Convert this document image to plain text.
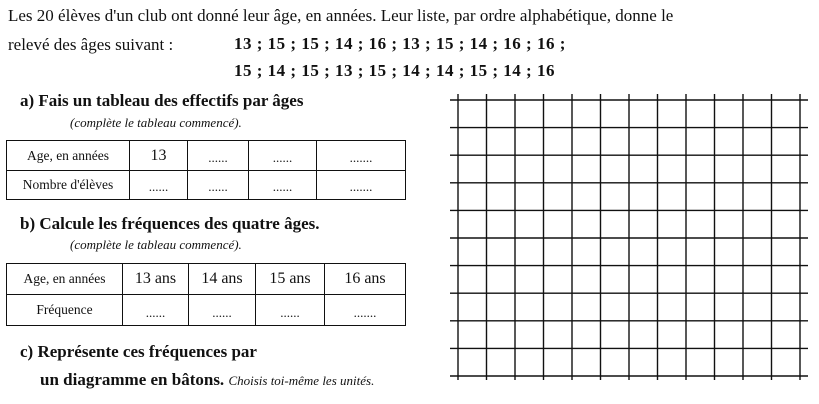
Les 20 élèves d'un club ont donné leur âge, en années. Leur liste, par ordre alphabétique, donne le
relevé des âges suivant :	13 ; 15 ; 15 ; 14 ; 16 ; 13 ; 15 ; 14 ; 16 ; 16 ;
15 ; 14 ; 15 ; 13 ; 15 ; 14 ; 14 ; 15 ; 14 ; 16
a) Fais un tableau des effectifs par âges
(complète le tableau commencé).
Age, en années	13	......	......	.......
Nombre d'élèves	......	......	......	.......
b) Calcule les fréquences des quatre âges.
(complète le tableau commencé).
Age, en années	13 ans	14 ans	15 ans	16 ans
Fréquence	......	......	......	.......
c) Représente ces fréquences par
un diagramme en bâtons. Choisis toi-même les unités.
